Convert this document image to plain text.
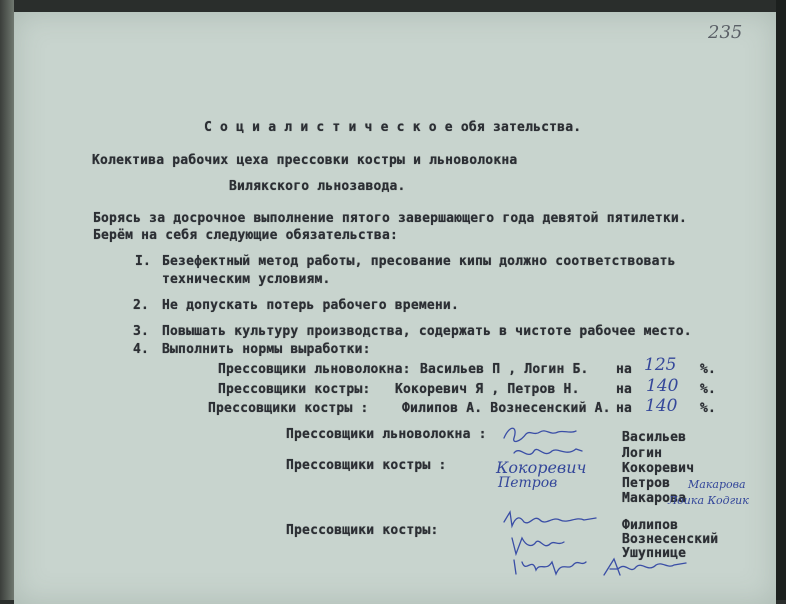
235

С о ц и а л и с т и ч е с к о е обя зательства.

Колектива рабочих цеха прессовки костры и льноволокна

Вилякского льнозавода.

Борясь за досрочное выполнение пятого завершающего года девятой пятилетки.

Берём на себя следующие обязательства:

I. Безефектный метод работы, пресование кипы должно соответствовать

техническим условиям.

2. Не допускать потерь рабочего времени.

3. Повышать культуру производства, содержать в чистоте рабочее место.

4. Выполнить нормы выработки:

Прессовщики льноволокна: Васильев П , Логин Б. на 125 %.

Прессовщики костры: Кокоревич Я , Петров Н.	на 140 %.

Прессовщики костры :	Филипов А. Вознесенский А. на 140 %.

Прессовщики льноволокна :	Васильев

Логин

Прессовщики костры :	Кокоревич

Петров

Макарова

Кокоревич
Петров	Макарова
Лоика Кодгик

Прессовщики костры:	Филипов

Вознесенский

Ушупнице
